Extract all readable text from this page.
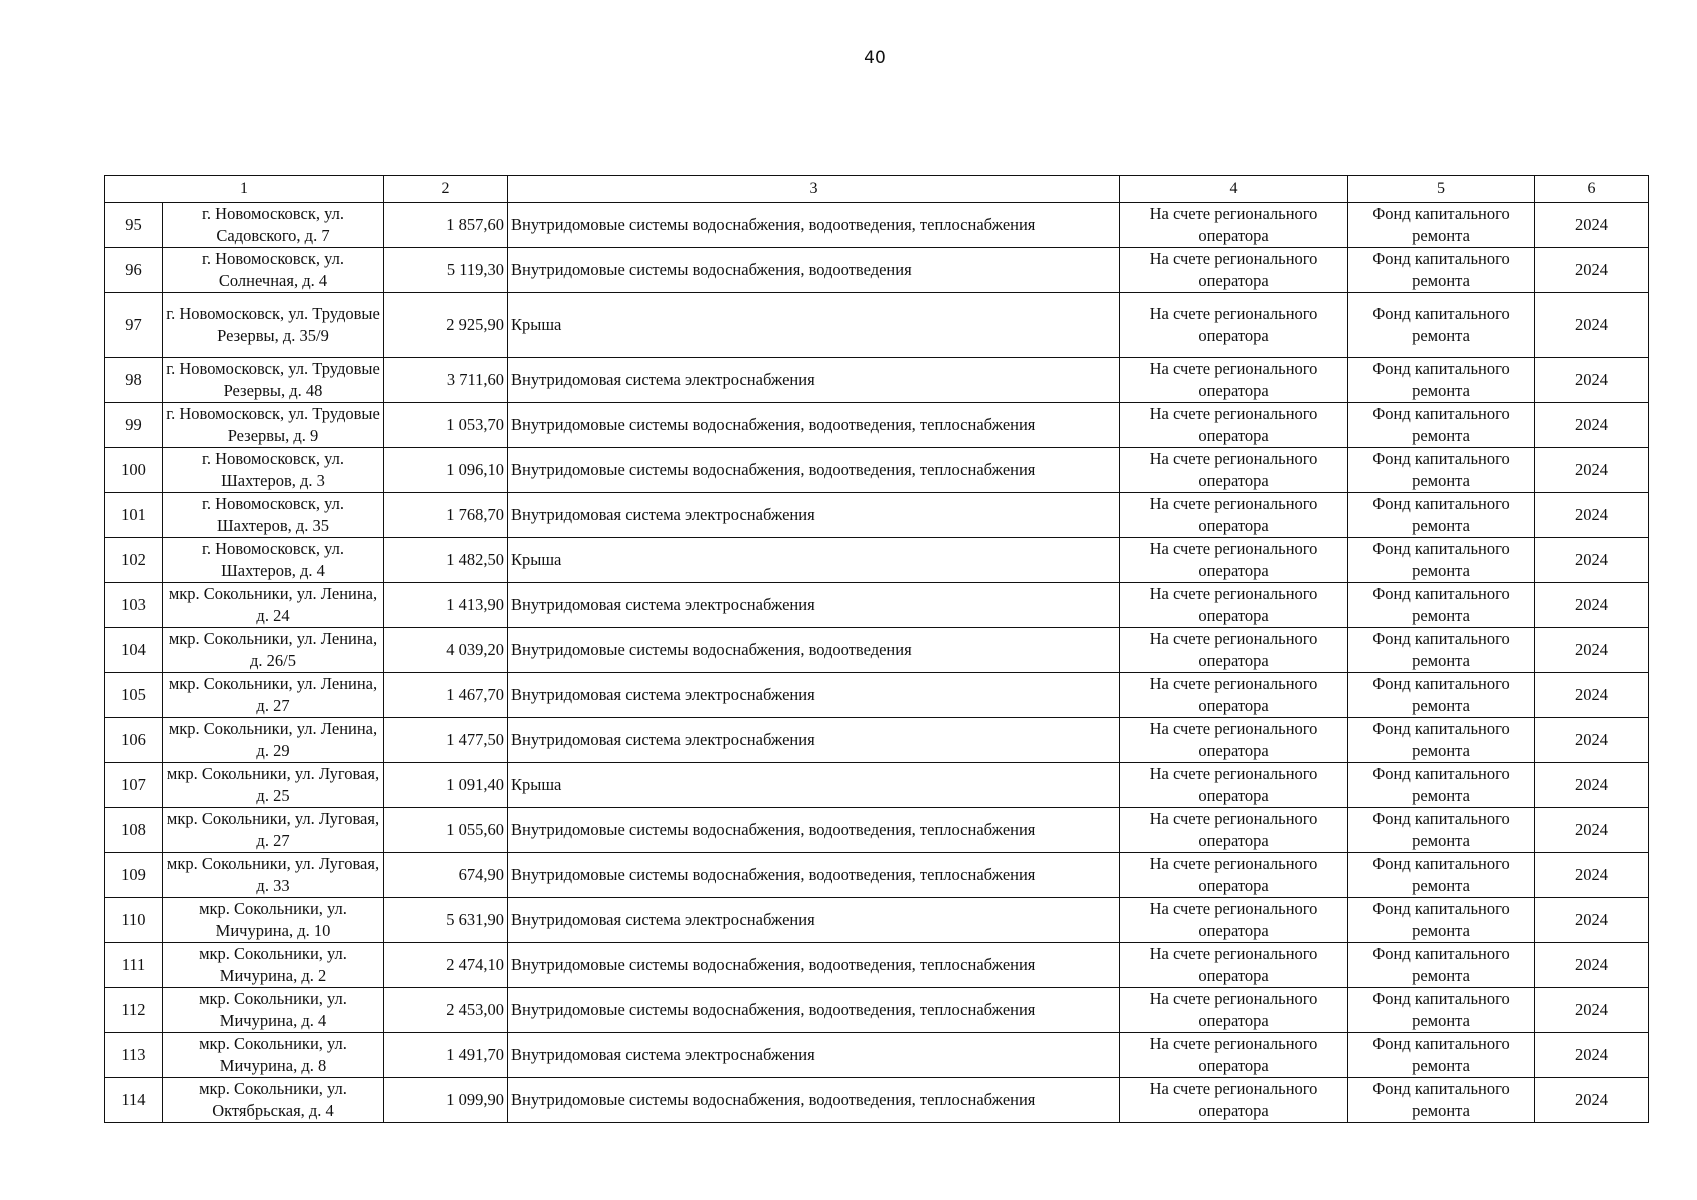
40
1		2	3	4	5	6
95	г. Новомосковск, ул. Садовского, д. 7	1 857,60	Внутридомовые системы водоснабжения, водоотведения, теплоснабжения	На счете регионального оператора	Фонд капитального ремонта	2024
96	г. Новомосковск, ул. Солнечная, д. 4	5 119,30	Внутридомовые системы водоснабжения, водоотведения	На счете регионального оператора	Фонд капитального ремонта	2024
97	г. Новомосковск, ул. Трудовые Резервы, д. 35/9	2 925,90	Крыша	На счете регионального оператора	Фонд капитального ремонта	2024
98	г. Новомосковск, ул. Трудовые Резервы, д. 48	3 711,60	Внутридомовая система электроснабжения	На счете регионального оператора	Фонд капитального ремонта	2024
99	г. Новомосковск, ул. Трудовые Резервы, д. 9	1 053,70	Внутридомовые системы водоснабжения, водоотведения, теплоснабжения	На счете регионального оператора	Фонд капитального ремонта	2024
100	г. Новомосковск, ул. Шахтеров, д. 3	1 096,10	Внутридомовые системы водоснабжения, водоотведения, теплоснабжения	На счете регионального оператора	Фонд капитального ремонта	2024
101	г. Новомосковск, ул. Шахтеров, д. 35	1 768,70	Внутридомовая система электроснабжения	На счете регионального оператора	Фонд капитального ремонта	2024
102	г. Новомосковск, ул. Шахтеров, д. 4	1 482,50	Крыша	На счете регионального оператора	Фонд капитального ремонта	2024
103	мкр. Сокольники, ул. Ленина, д. 24	1 413,90	Внутридомовая система электроснабжения	На счете регионального оператора	Фонд капитального ремонта	2024
104	мкр. Сокольники, ул. Ленина, д. 26/5	4 039,20	Внутридомовые системы водоснабжения, водоотведения	На счете регионального оператора	Фонд капитального ремонта	2024
105	мкр. Сокольники, ул. Ленина, д. 27	1 467,70	Внутридомовая система электроснабжения	На счете регионального оператора	Фонд капитального ремонта	2024
106	мкр. Сокольники, ул. Ленина, д. 29	1 477,50	Внутридомовая система электроснабжения	На счете регионального оператора	Фонд капитального ремонта	2024
107	мкр. Сокольники, ул. Луговая, д. 25	1 091,40	Крыша	На счете регионального оператора	Фонд капитального ремонта	2024
108	мкр. Сокольники, ул. Луговая, д. 27	1 055,60	Внутридомовые системы водоснабжения, водоотведения, теплоснабжения	На счете регионального оператора	Фонд капитального ремонта	2024
109	мкр. Сокольники, ул. Луговая, д. 33	674,90	Внутридомовые системы водоснабжения, водоотведения, теплоснабжения	На счете регионального оператора	Фонд капитального ремонта	2024
110	мкр. Сокольники, ул. Мичурина, д. 10	5 631,90	Внутридомовая система электроснабжения	На счете регионального оператора	Фонд капитального ремонта	2024
111	мкр. Сокольники, ул. Мичурина, д. 2	2 474,10	Внутридомовые системы водоснабжения, водоотведения, теплоснабжения	На счете регионального оператора	Фонд капитального ремонта	2024
112	мкр. Сокольники, ул. Мичурина, д. 4	2 453,00	Внутридомовые системы водоснабжения, водоотведения, теплоснабжения	На счете регионального оператора	Фонд капитального ремонта	2024
113	мкр. Сокольники, ул. Мичурина, д. 8	1 491,70	Внутридомовая система электроснабжения	На счете регионального оператора	Фонд капитального ремонта	2024
114	мкр. Сокольники, ул. Октябрьская, д. 4	1 099,90	Внутридомовые системы водоснабжения, водоотведения, теплоснабжения	На счете регионального оператора	Фонд капитального ремонта	2024
